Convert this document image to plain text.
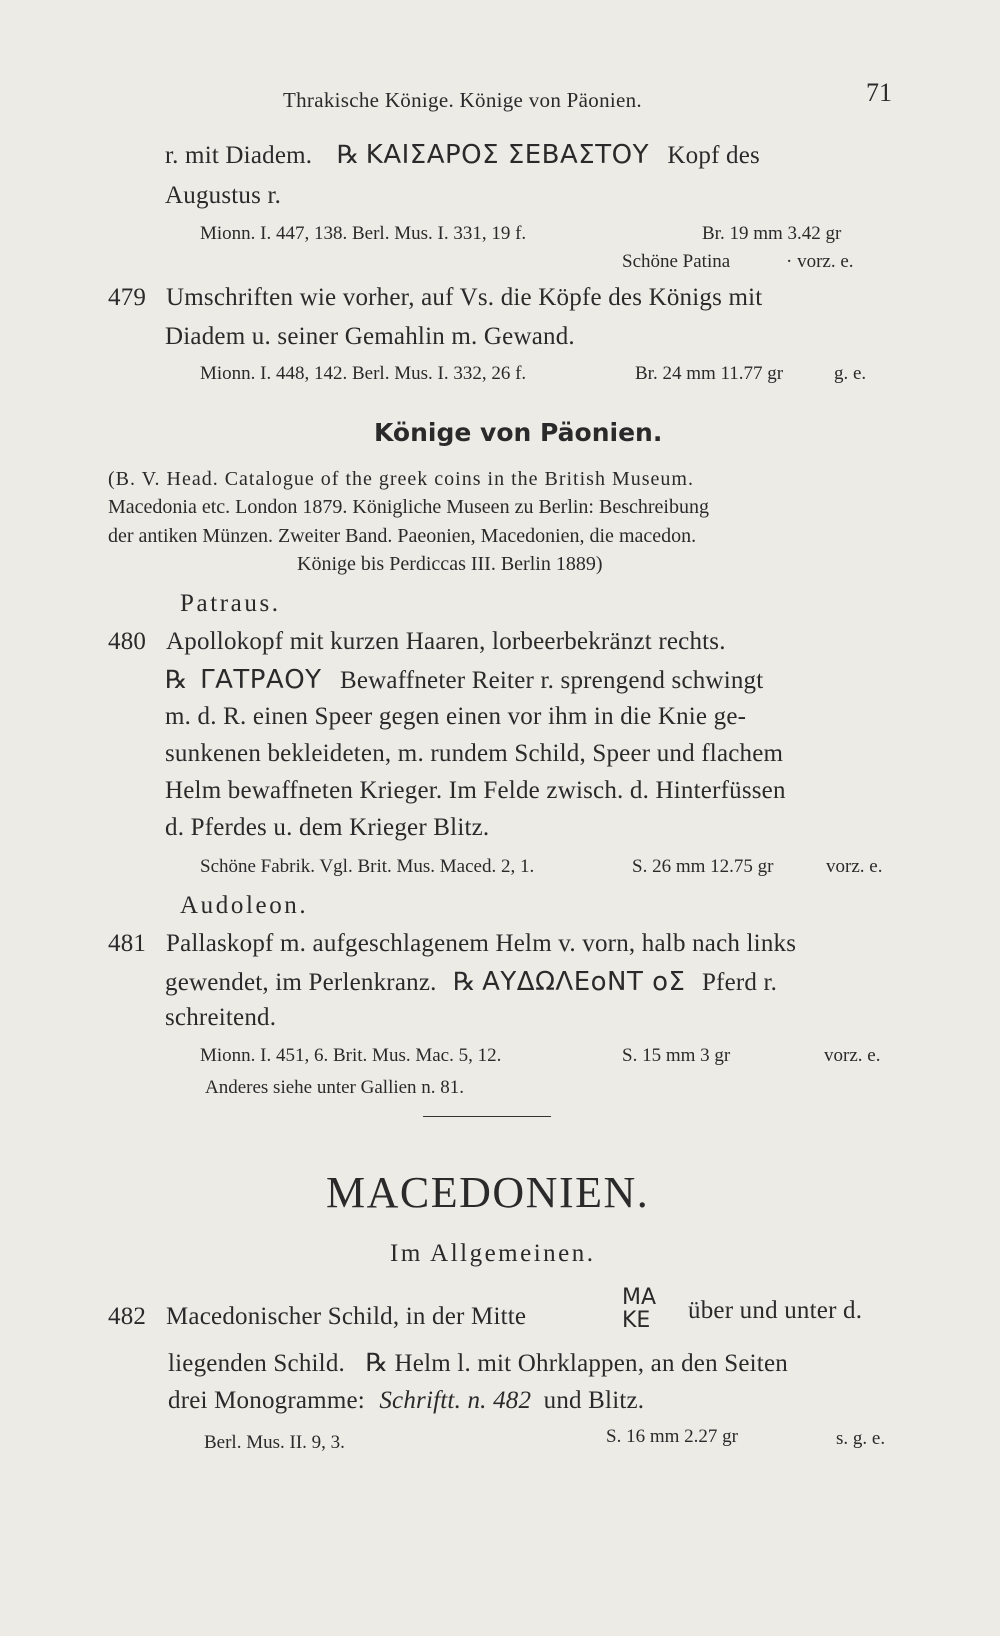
Thrakische Könige. Könige von Päonien.	71
r. mit Diadem. ℞ ΚΑΙΣΑΡΟΣ ΣΕΒΑΣΤΟΥ Kopf des
Augustus r.
Mionn. I. 447, 138. Berl. Mus. I. 331, 19 f.	Br. 19 mm 3.42 gr
Schöne Patina	· vorz. e.
479 Umschriften wie vorher, auf Vs. die Köpfe des Königs mit
Diadem u. seiner Gemahlin m. Gewand.
Mionn. I. 448, 142. Berl. Mus. I. 332, 26 f.	Br. 24 mm 11.77 gr	g. e.
Könige von Päonien.
(B. V. Head. Catalogue of the greek coins in the British Museum.
Macedonia etc. London 1879. Königliche Museen zu Berlin: Beschreibung
der antiken Münzen. Zweiter Band. Paeonien, Macedonien, die macedon.
Könige bis Perdiccas III. Berlin 1889)
Patraus.
480 Apollokopf mit kurzen Haaren, lorbeerbekränzt rechts.
℞ ΓΑΤΡΑΟΥ Bewaffneter Reiter r. sprengend schwingt
m. d. R. einen Speer gegen einen vor ihm in die Knie ge-
sunkenen bekleideten, m. rundem Schild, Speer und flachem
Helm bewaffneten Krieger. Im Felde zwisch. d. Hinterfüssen
d. Pferdes u. dem Krieger Blitz.
Schöne Fabrik. Vgl. Brit. Mus. Maced. 2, 1.	S. 26 mm 12.75 gr	vorz. e.
Audoleon.
481 Pallaskopf m. aufgeschlagenem Helm v. vorn, halb nach links
gewendet, im Perlenkranz. ℞ ΑΥΔΩΛΕοΝΤ οΣ Pferd r.
schreitend.
Mionn. I. 451, 6. Brit. Mus. Mac. 5, 12.	S. 15 mm 3 gr	vorz. e.
Anderes siehe unter Gallien n. 81.
MACEDONIEN.
Im Allgemeinen.
482 Macedonischer Schild, in der Mitte
MA
KE über und unter d.
liegenden Schild. ℞ Helm l. mit Ohrklappen, an den Seiten
drei Monogramme: Schriftt. n. 482 und Blitz.
Berl. Mus. II. 9, 3.	S. 16 mm 2.27 gr	s. g. e.
